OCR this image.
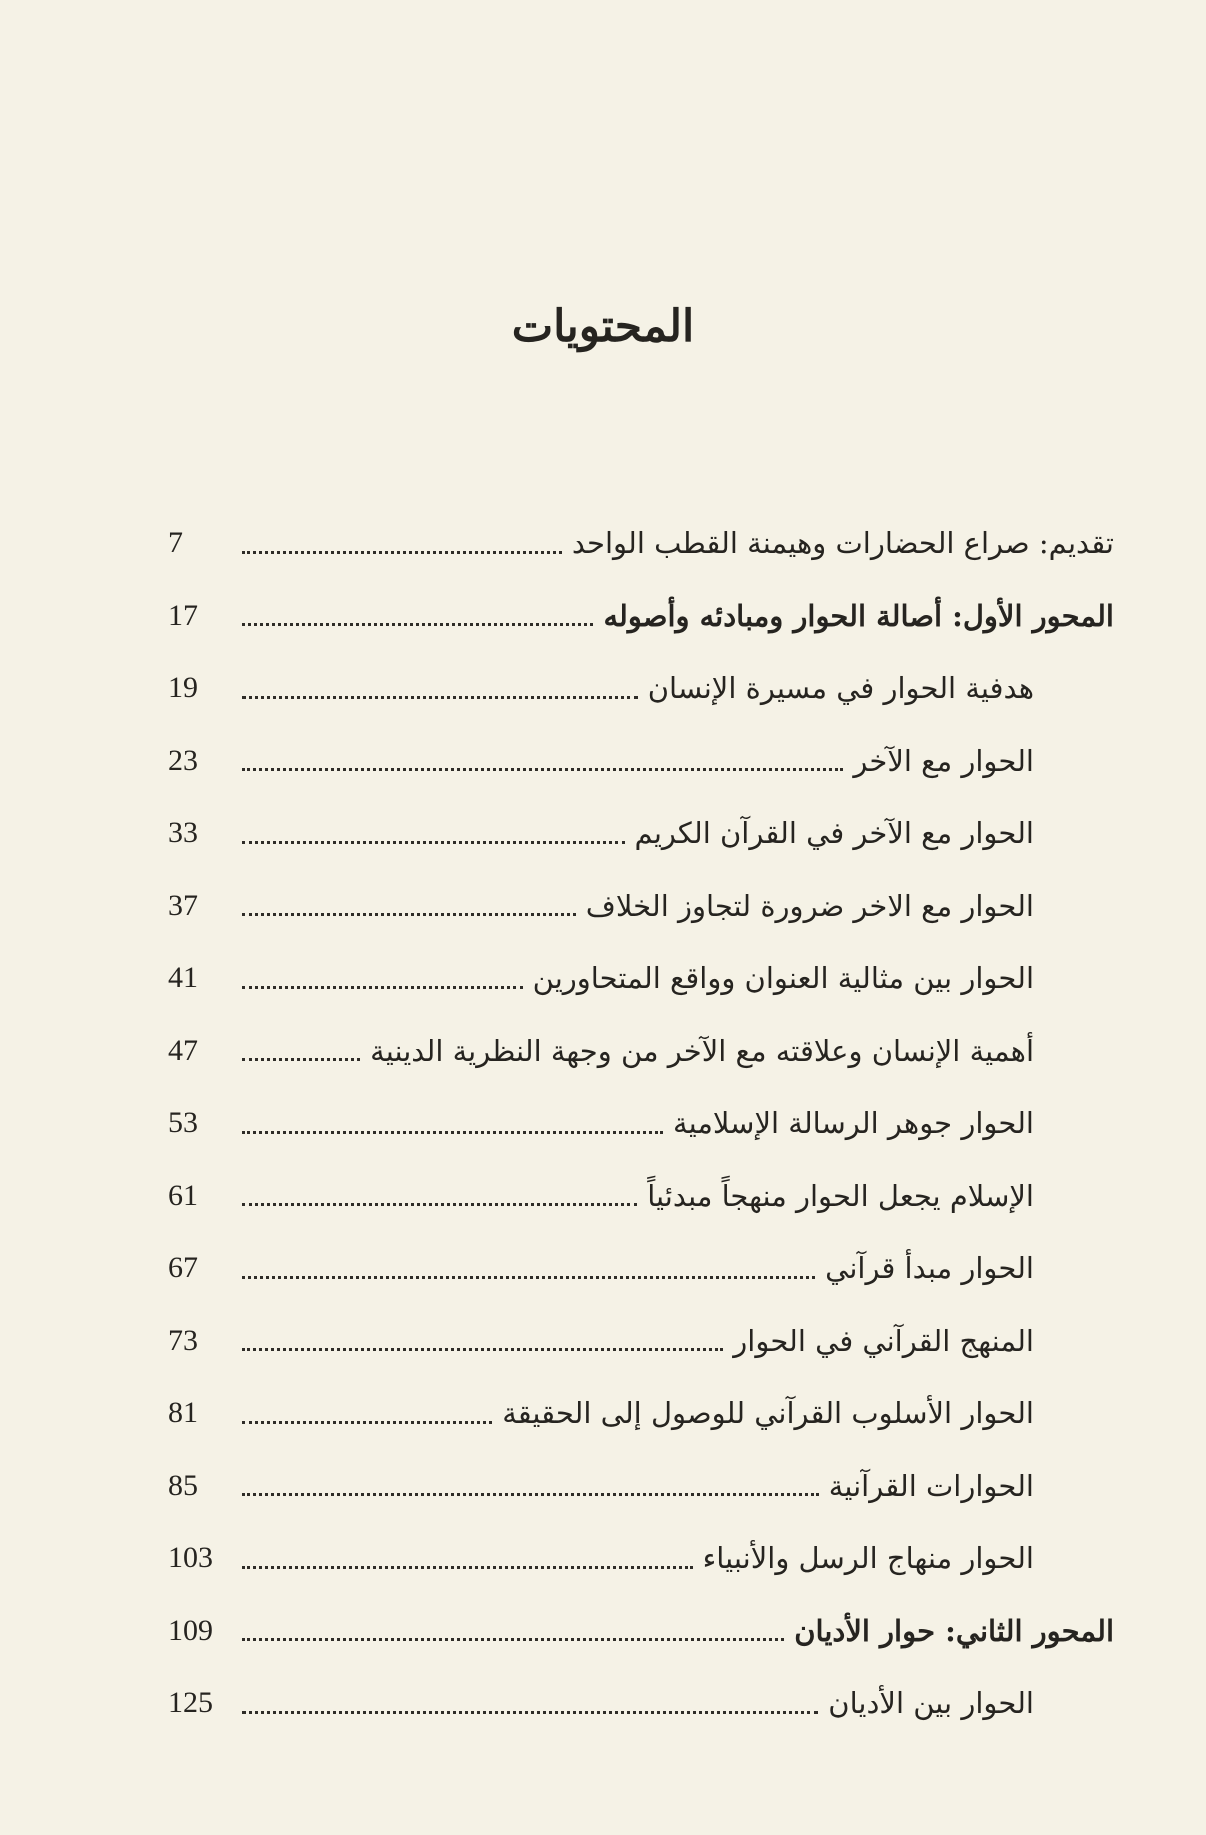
المحتويات
تقديم: صراع الحضارات وهيمنة القطب الواحد
7
المحور الأول: أصالة الحوار ومبادئه وأصوله
17
هدفية الحوار في مسيرة الإنسان
19
الحوار مع الآخر
23
الحوار مع الآخر في القرآن الكريم
33
الحوار مع الاخر ضرورة لتجاوز الخلاف
37
الحوار بين مثالية العنوان وواقع المتحاورين
41
أهمية الإنسان وعلاقته مع الآخر من وجهة النظرية الدينية
47
الحوار جوهر الرسالة الإسلامية
53
الإسلام يجعل الحوار منهجاً مبدئياً
61
الحوار مبدأ قرآني
67
المنهج القرآني في الحوار
73
الحوار الأسلوب القرآني للوصول إلى الحقيقة
81
الحوارات القرآنية
85
الحوار منهاج الرسل والأنبياء
103
المحور الثاني: حوار الأديان
109
الحوار بين الأديان
125
